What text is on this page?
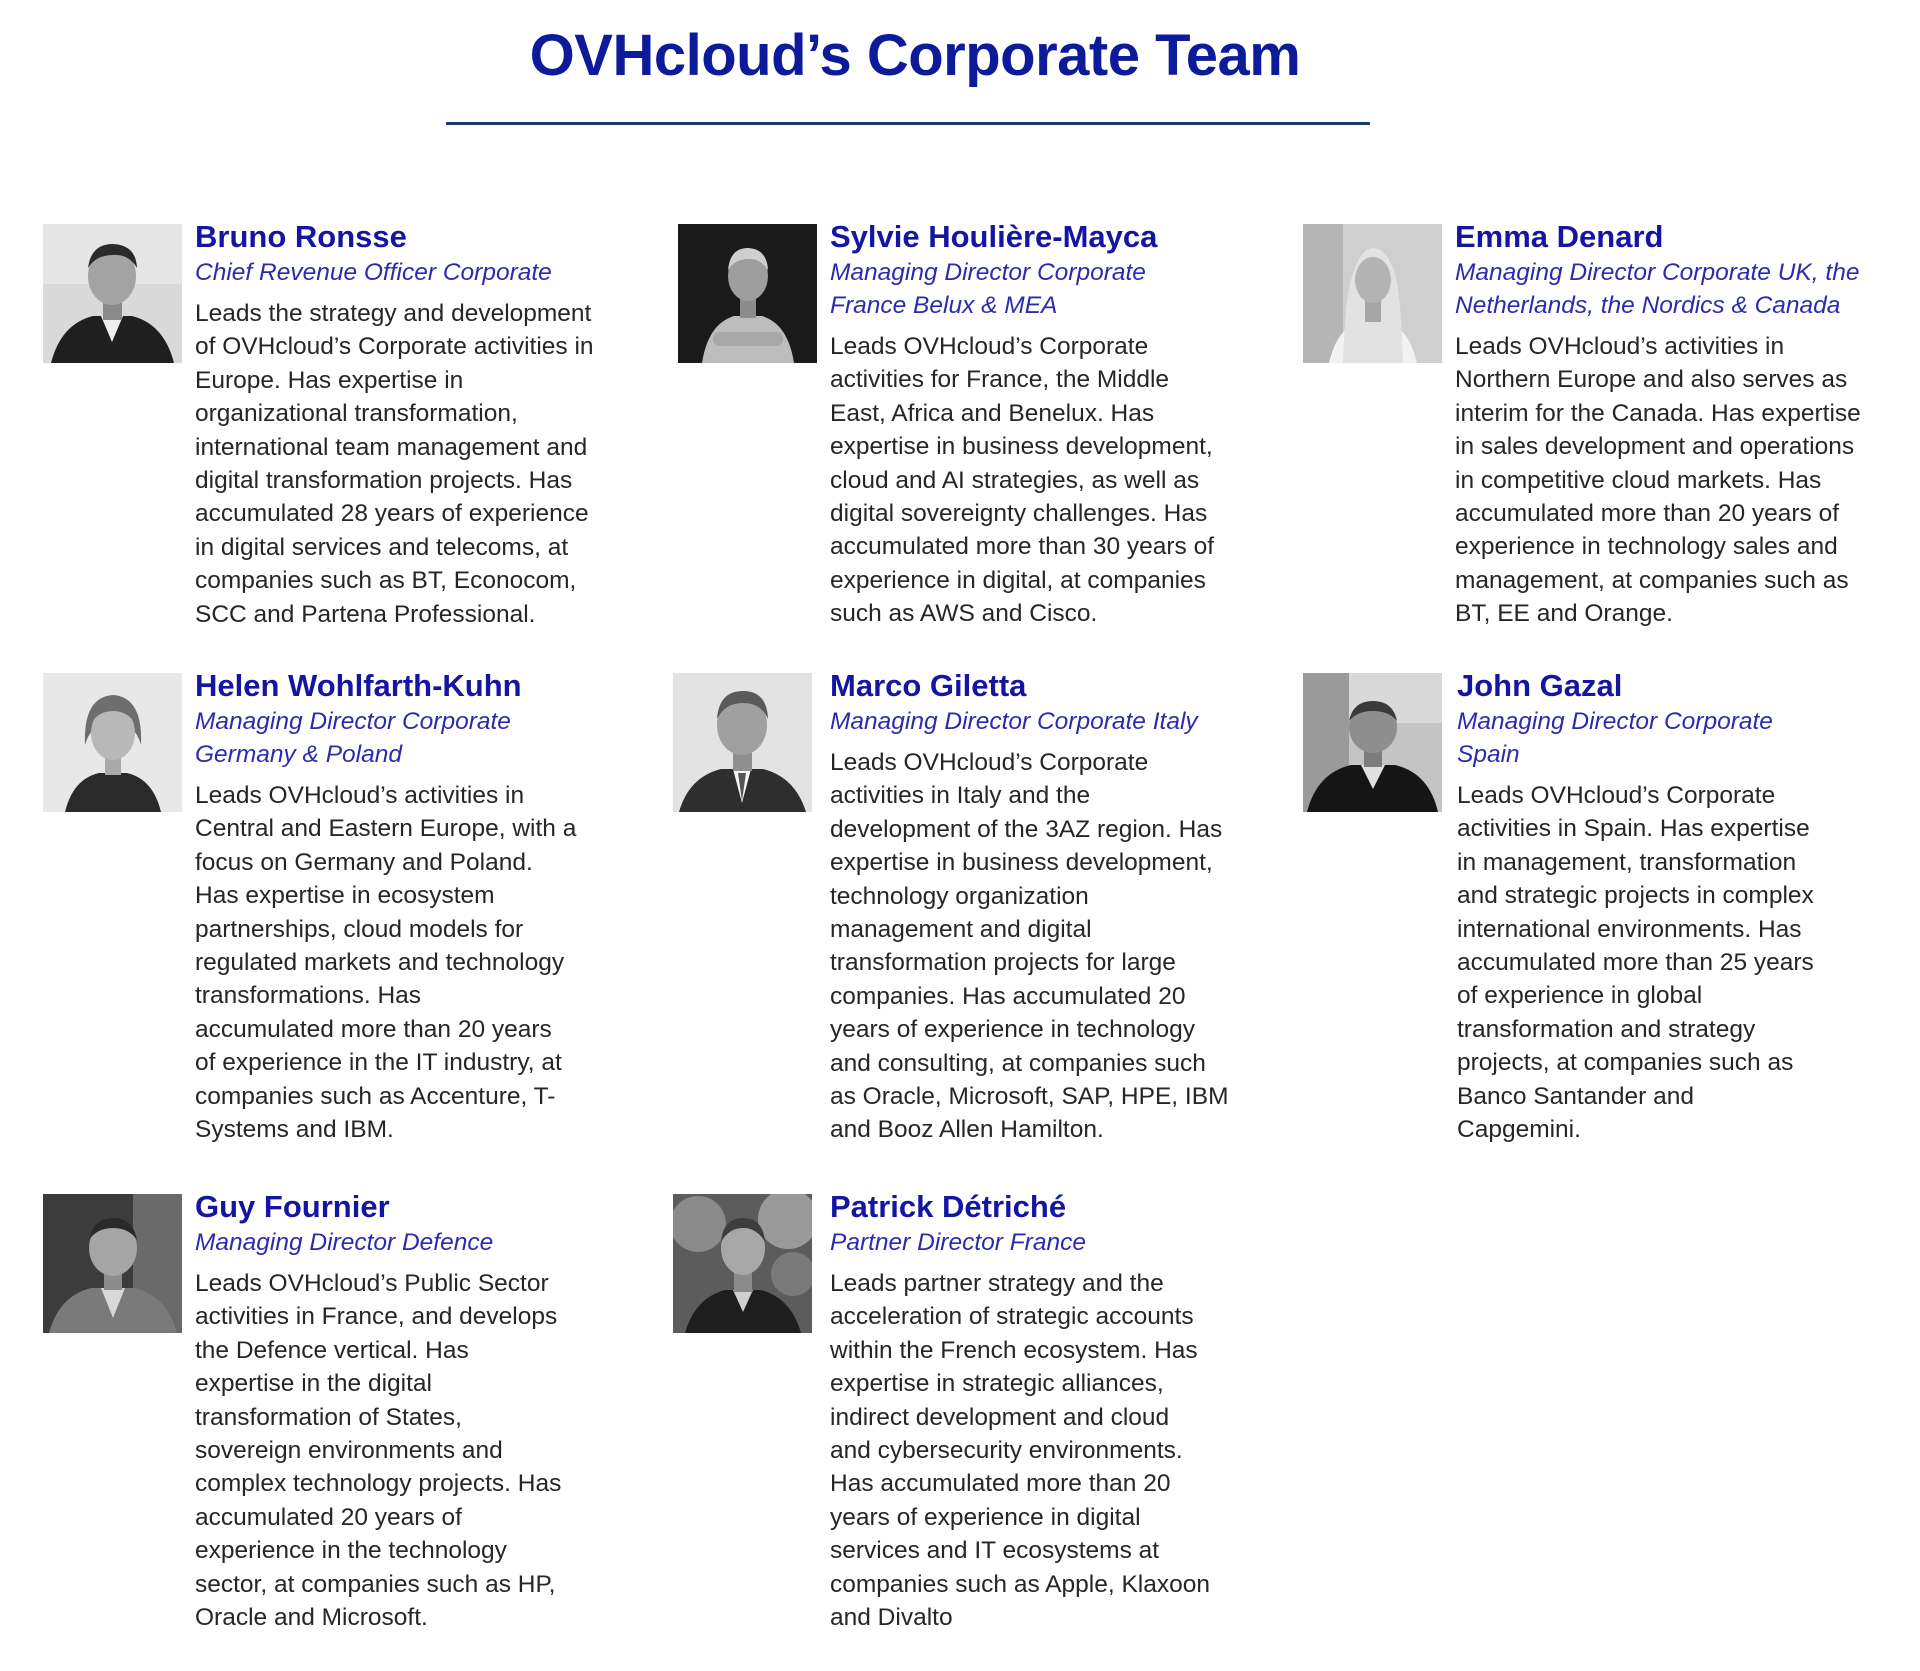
OVHcloud’s Corporate Team
Bruno Ronsse
Chief Revenue Officer Corporate
Leads the strategy and development
of OVHcloud’s Corporate activities in
Europe. Has expertise in
organizational transformation,
international team management and
digital transformation projects. Has
accumulated 28 years of experience
in digital services and telecoms, at
companies such as BT, Econocom,
SCC and Partena Professional.
Sylvie Houlière-Mayca
Managing Director Corporate
France Belux & MEA
Leads OVHcloud’s Corporate
activities for France, the Middle
East, Africa and Benelux. Has
expertise in business development,
cloud and AI strategies, as well as
digital sovereignty challenges. Has
accumulated more than 30 years of
experience in digital, at companies
such as AWS and Cisco.
Emma Denard
Managing Director Corporate UK, the
Netherlands, the Nordics & Canada
Leads OVHcloud’s activities in
Northern Europe and also serves as
interim for the Canada. Has expertise
in sales development and operations
in competitive cloud markets. Has
accumulated more than 20 years of
experience in technology sales and
management, at companies such as
BT, EE and Orange.
Helen Wohlfarth-Kuhn
Managing Director Corporate
Germany & Poland
Leads OVHcloud’s activities in
Central and Eastern Europe, with a
focus on Germany and Poland.
Has expertise in ecosystem
partnerships, cloud models for
regulated markets and technology
transformations. Has
accumulated more than 20 years
of experience in the IT industry, at
companies such as Accenture, T-
Systems and IBM.
Marco Giletta
Managing Director Corporate Italy
Leads OVHcloud’s Corporate
activities in Italy and the
development of the 3AZ region. Has
expertise in business development,
technology organization
management and digital
transformation projects for large
companies. Has accumulated 20
years of experience in technology
and consulting, at companies such
as Oracle, Microsoft, SAP, HPE, IBM
and Booz Allen Hamilton.
John Gazal
Managing Director Corporate
Spain
Leads OVHcloud’s Corporate
activities in Spain. Has expertise
in management, transformation
and strategic projects in complex
international environments. Has
accumulated more than 25 years
of experience in global
transformation and strategy
projects, at companies such as
Banco Santander and
Capgemini.
Guy Fournier
Managing Director Defence
Leads OVHcloud’s Public Sector
activities in France, and develops
the Defence vertical. Has
expertise in the digital
transformation of States,
sovereign environments and
complex technology projects. Has
accumulated 20 years of
experience in the technology
sector, at companies such as HP,
Oracle and Microsoft.
Patrick Détriché
Partner Director France
Leads partner strategy and the
acceleration of strategic accounts
within the French ecosystem. Has
expertise in strategic alliances,
indirect development and cloud
and cybersecurity environments.
Has accumulated more than 20
years of experience in digital
services and IT ecosystems at
companies such as Apple, Klaxoon
and Divalto
